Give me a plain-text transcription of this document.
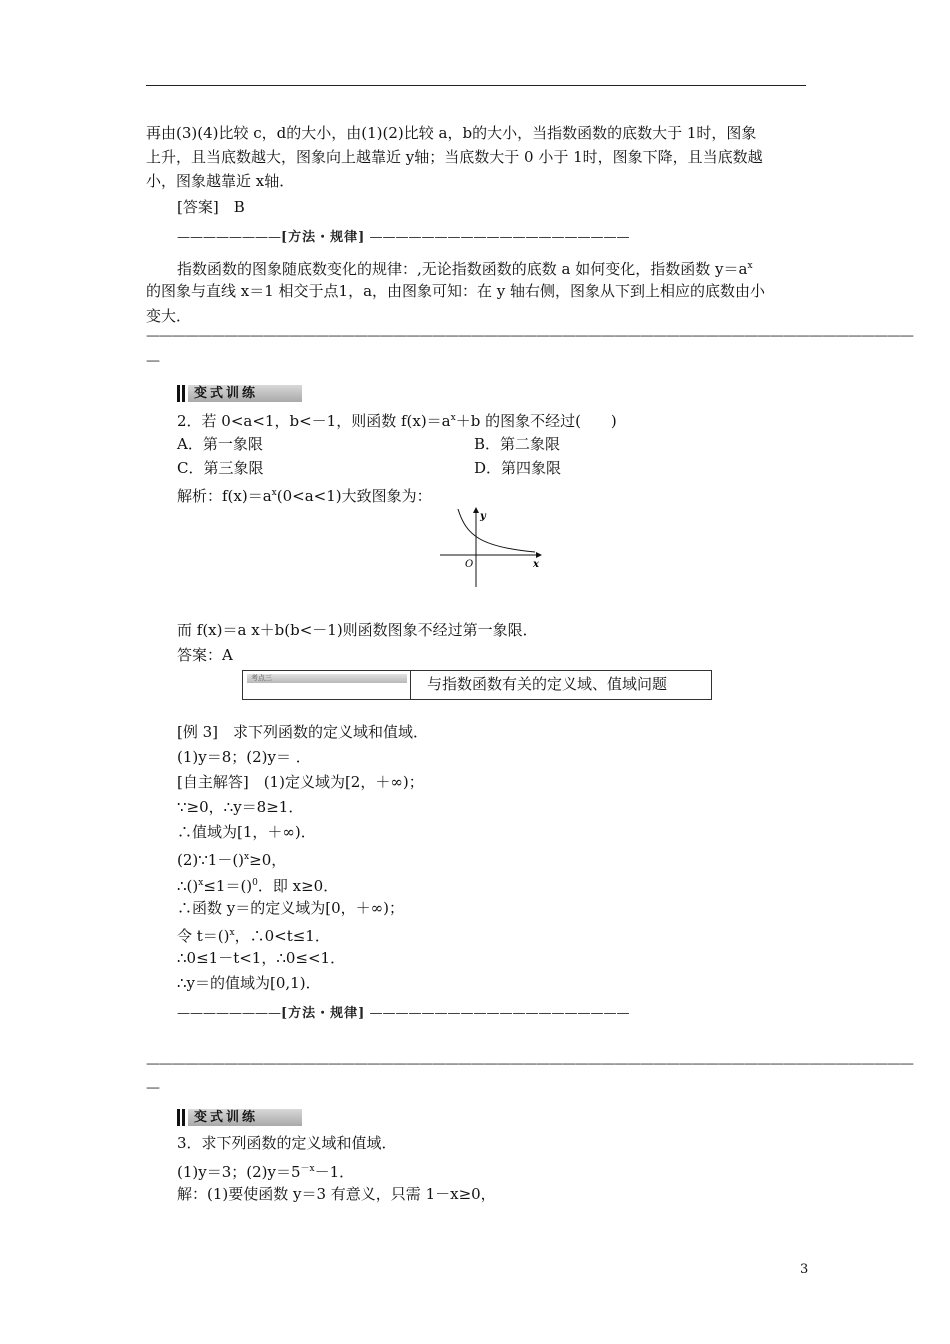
再由(3)(4)比较 c，d的大小，由(1)(2)比较 a，b的大小，当指数函数的底数大于 1时，图象
上升，且当底数越大，图象向上越靠近 y轴；当底数大于 0 小于 1时，图象下降，且当底数越
小，图象越靠近 x轴．
[答案]　B
————————[方法・规律] ————————————————————
指数函数的图象随底数变化的规律：,无论指数函数的底数 a 如何变化，指数函数 $y=a^x$
的图象与直线 x＝1 相交于点1，a，由图象可知：在 y 轴右侧，图象从下到上相应的底数由小
变大．
———————————————————————————————————————————————————————————
—
变式训练
2．若 0<a<1，b<－1，则函数 $f(x)=a^x+b$ 的图象不经过(　　)
A．第一象限	B．第二象限
C．第三象限	D．第四象限
解析：$f(x)=a^x(0<a<1)$大致图象为：
y
x
O
而 f(x)＝a x＋b(b<－1)则函数图象不经过第一象限．
答案：A
考点三	与指数函数有关的定义域、值域问题
[例 3]　求下列函数的定义域和值域．
(1)y＝8；(2)y＝ ．
[自主解答]　(1)定义域为[2，＋∞)；
∵≥0，∴y＝8≥1．
∴值域为[1，＋∞)．
(2)∵1－()$^x$≥0，
∴()$^x$≤1＝()$^0$．即 x≥0．
∴函数 y＝的定义域为[0，＋∞)；
令 t＝()$^x$，∴0<t≤1．
∴0≤1－t<1，∴0≤<1．
∴y＝的值域为[0,1)．
————————[方法・规律] ————————————————————
———————————————————————————————————————————————————————————
—
变式训练
3．求下列函数的定义域和值域．
(1)y＝3；$(2)y=5^{-x}-1$．
解：(1)要使函数 y＝3 有意义，只需 1－x≥0，
3
